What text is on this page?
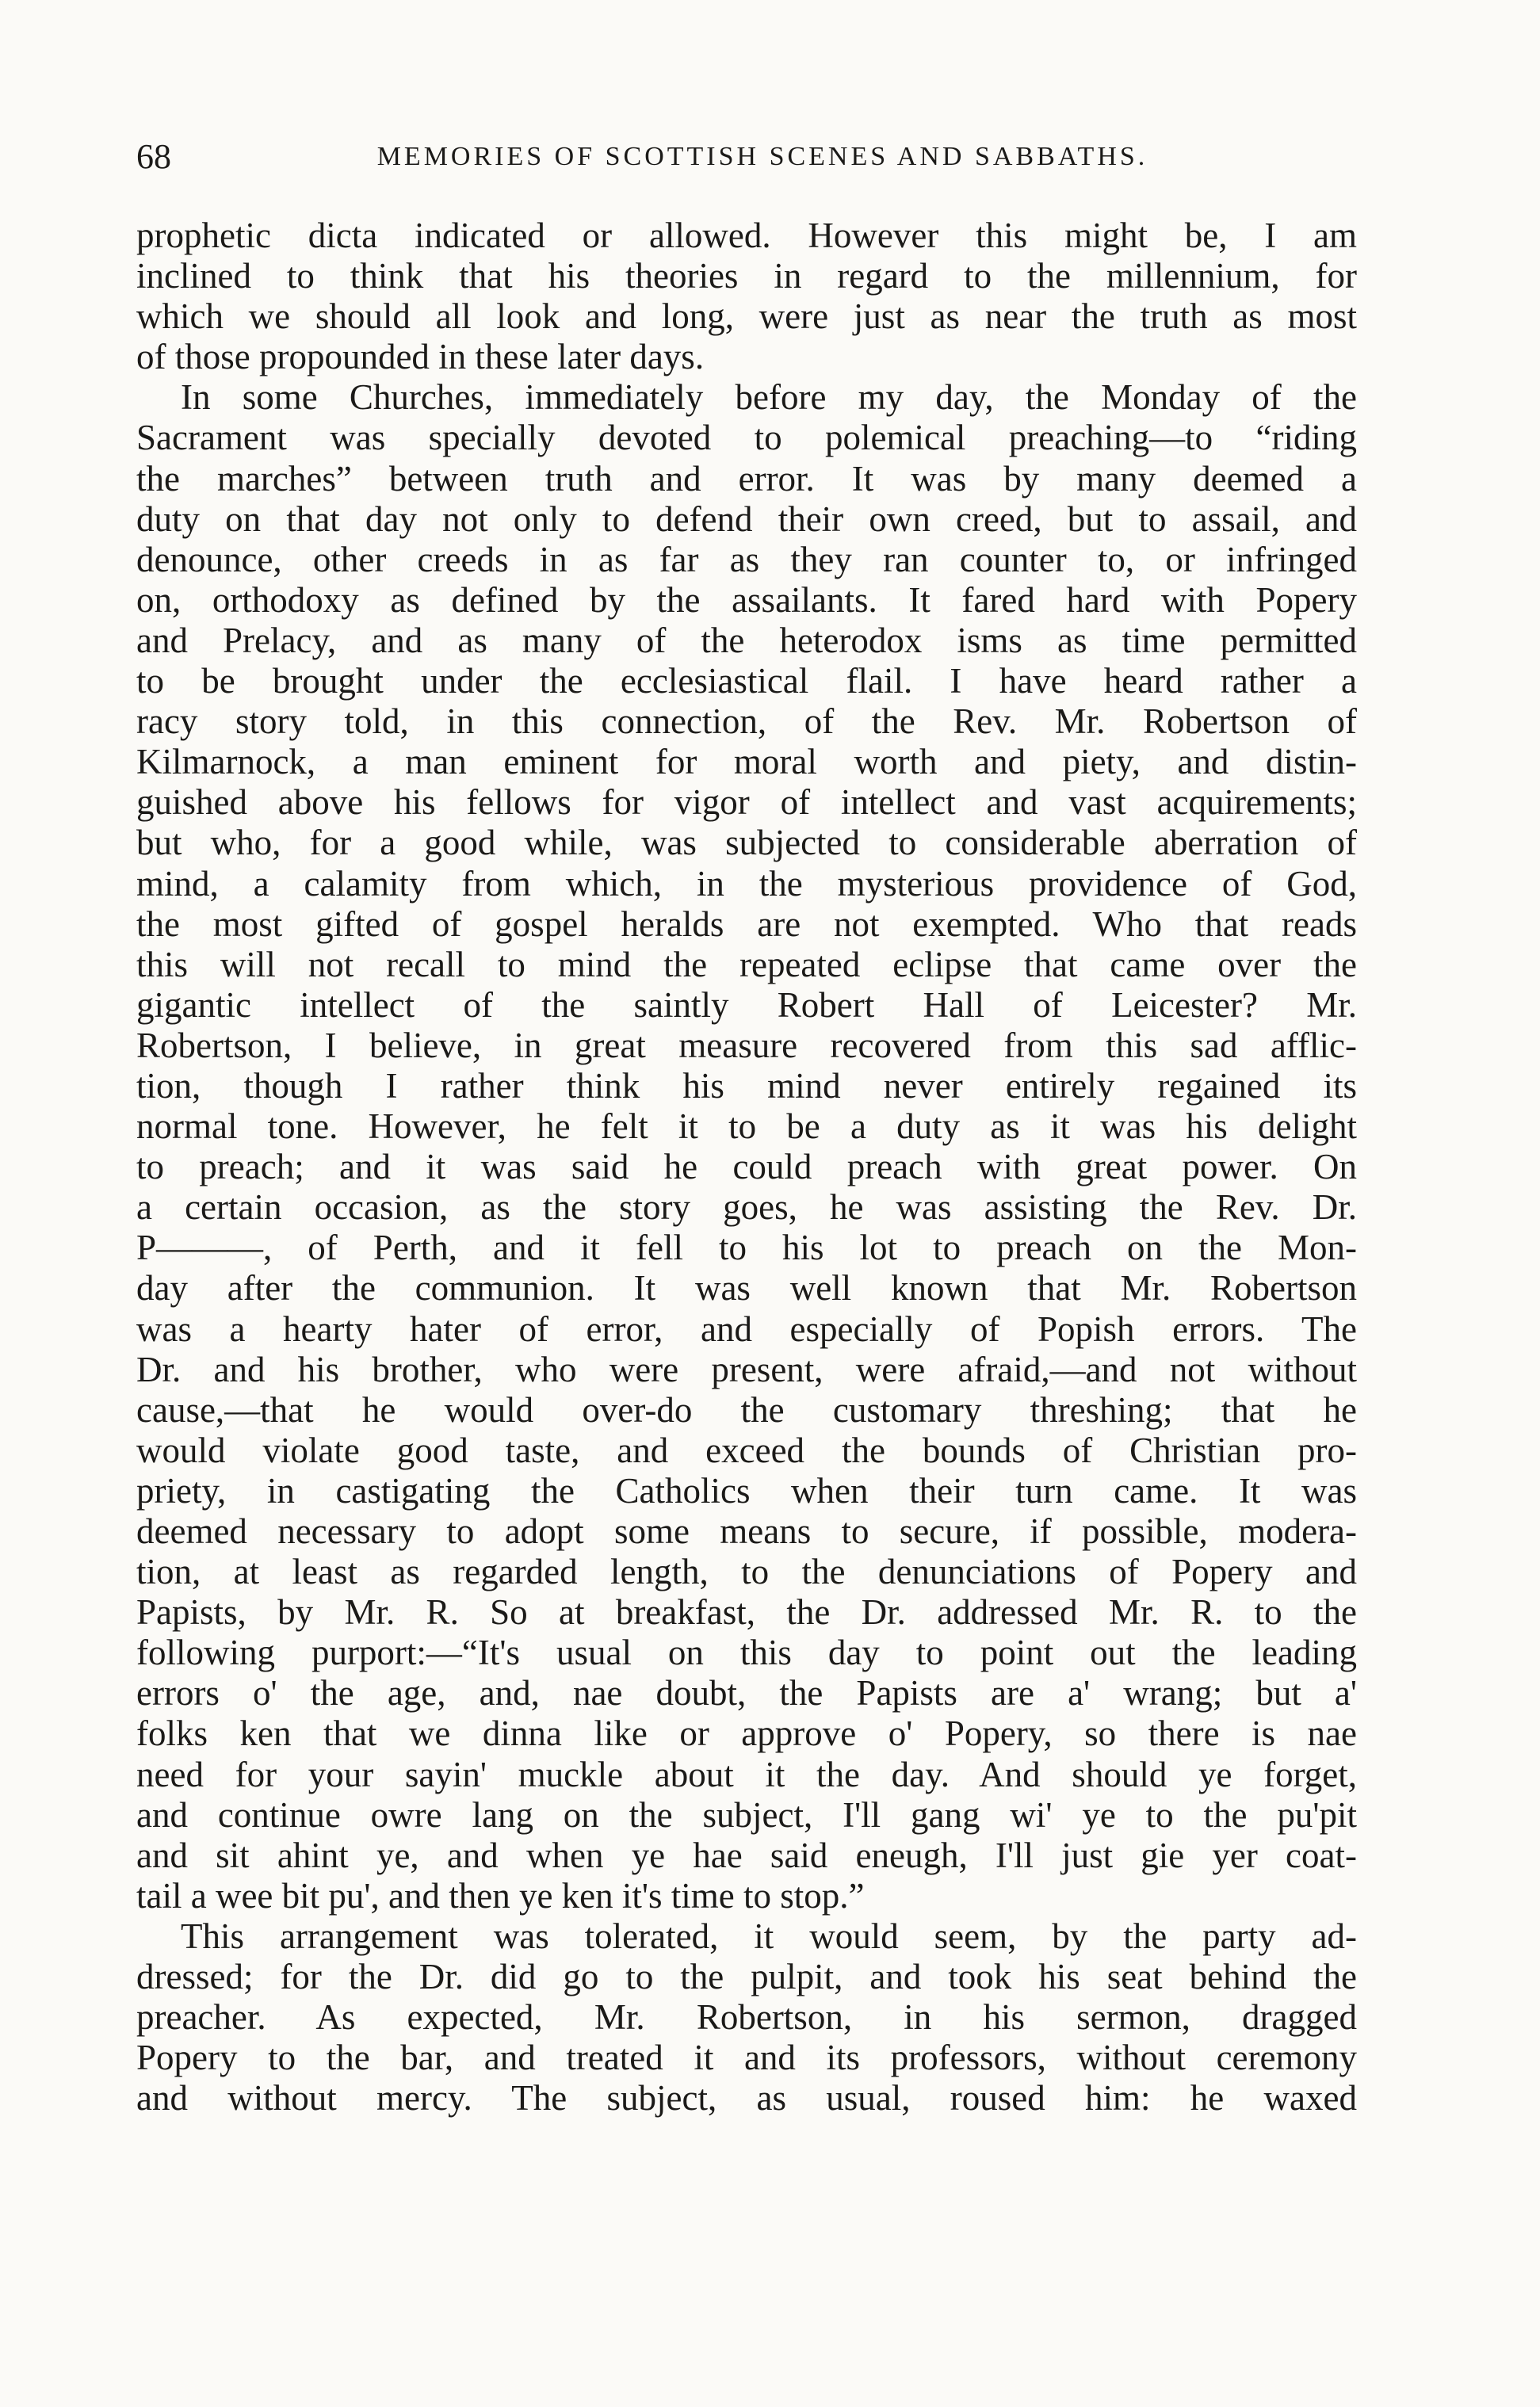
68	MEMORIES OF SCOTTISH SCENES AND SABBATHS.
prophetic dicta indicated or allowed. However this might be, I am
inclined to think that his theories in regard to the millennium, for
which we should all look and long, were just as near the truth as most
of those propounded in these later days.
In some Churches, immediately before my day, the Monday of the
Sacrament was specially devoted to polemical preaching—to “riding
the marches” between truth and error. It was by many deemed a
duty on that day not only to defend their own creed, but to assail, and
denounce, other creeds in as far as they ran counter to, or infringed
on, orthodoxy as defined by the assailants. It fared hard with Popery
and Prelacy, and as many of the heterodox isms as time permitted
to be brought under the ecclesiastical flail. I have heard rather a
racy story told, in this connection, of the Rev. Mr. Robertson of
Kilmarnock, a man eminent for moral worth and piety, and distin-
guished above his fellows for vigor of intellect and vast acquirements;
but who, for a good while, was subjected to considerable aberration of
mind, a calamity from which, in the mysterious providence of God,
the most gifted of gospel heralds are not exempted. Who that reads
this will not recall to mind the repeated eclipse that came over the
gigantic intellect of the saintly Robert Hall of Leicester? Mr.
Robertson, I believe, in great measure recovered from this sad afflic-
tion, though I rather think his mind never entirely regained its
normal tone. However, he felt it to be a duty as it was his delight
to preach; and it was said he could preach with great power. On
a certain occasion, as the story goes, he was assisting the Rev. Dr.
P———, of Perth, and it fell to his lot to preach on the Mon-
day after the communion. It was well known that Mr. Robertson
was a hearty hater of error, and especially of Popish errors. The
Dr. and his brother, who were present, were afraid,—and not without
cause,—that he would over-do the customary threshing; that he
would violate good taste, and exceed the bounds of Christian pro-
priety, in castigating the Catholics when their turn came. It was
deemed necessary to adopt some means to secure, if possible, modera-
tion, at least as regarded length, to the denunciations of Popery and
Papists, by Mr. R. So at breakfast, the Dr. addressed Mr. R. to the
following purport:—“It's usual on this day to point out the leading
errors o' the age, and, nae doubt, the Papists are a' wrang; but a'
folks ken that we dinna like or approve o' Popery, so there is nae
need for your sayin' muckle about it the day. And should ye forget,
and continue owre lang on the subject, I'll gang wi' ye to the pu'pit
and sit ahint ye, and when ye hae said eneugh, I'll just gie yer coat-
tail a wee bit pu', and then ye ken it's time to stop.”
This arrangement was tolerated, it would seem, by the party ad-
dressed; for the Dr. did go to the pulpit, and took his seat behind the
preacher. As expected, Mr. Robertson, in his sermon, dragged
Popery to the bar, and treated it and its professors, without ceremony
and without mercy. The subject, as usual, roused him: he waxed
